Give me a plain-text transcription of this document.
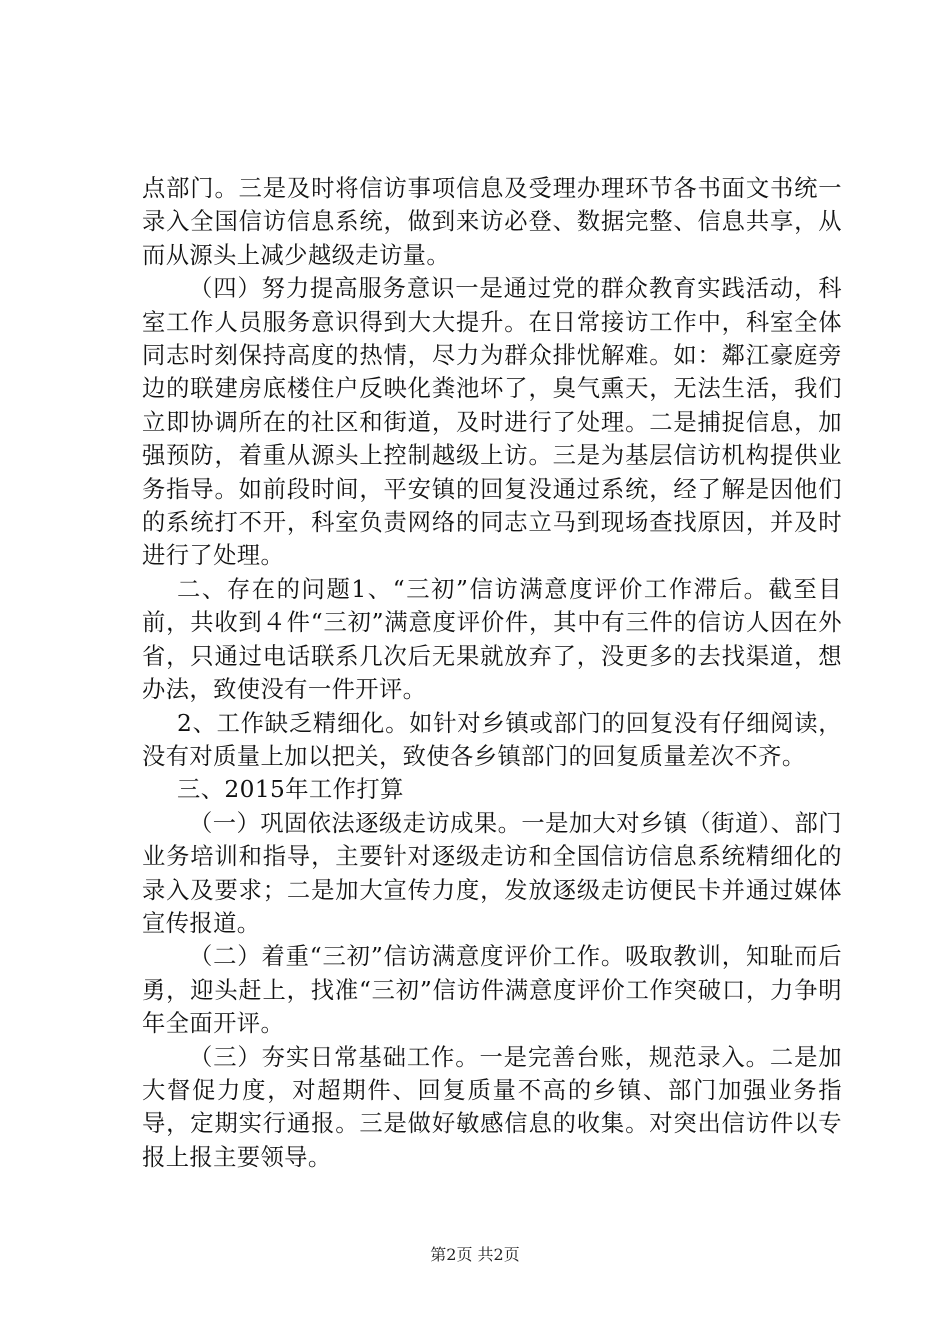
点部门。三是及时将信访事项信息及受理办理环节各书面文书统一录入全国信访信息系统，做到来访必登、数据完整、信息共享，从而从源头上减少越级走访量。

（四）努力提高服务意识一是通过党的群众教育实践活动，科室工作人员服务意识得到大大提升。在日常接访工作中，科室全体同志时刻保持高度的热情，尽力为群众排忧解难。如：鄰江豪庭旁边的联建房底楼住户反映化粪池坏了，臭气熏天，无法生活，我们立即协调所在的社区和街道，及时进行了处理。二是捕捉信息，加强预防，着重从源头上控制越级上访。三是为基层信访机构提供业务指导。如前段时间，平安镇的回复没通过系统，经了解是因他们的系统打不开，科室负责网络的同志立马到现场查找原因，并及时进行了处理。

二、存在的问题1、“三初”信访满意度评价工作滞后。截至目前，共收到４件“三初”满意度评价件，其中有三件的信访人因在外省，只通过电话联系几次后无果就放弃了，没更多的去找渠道，想办法，致使没有一件开评。

2、工作缺乏精细化。如针对乡镇或部门的回复没有仔细阅读，没有对质量上加以把关，致使各乡镇部门的回复质量差次不齐。

三、2015年工作打算

（一）巩固依法逐级走访成果。一是加大对乡镇（街道）、部门业务培训和指导，主要针对逐级走访和全国信访信息系统精细化的录入及要求；二是加大宣传力度，发放逐级走访便民卡并通过媒体宣传报道。

（二）着重“三初”信访满意度评价工作。吸取教训，知耻而后勇，迎头赶上，找准“三初”信访件满意度评价工作突破口，力争明年全面开评。

（三）夯实日常基础工作。一是完善台账，规范录入。二是加大督促力度，对超期件、回复质量不高的乡镇、部门加强业务指导，定期实行通报。三是做好敏感信息的收集。对突出信访件以专报上报主要领导。

第2页 共2页
